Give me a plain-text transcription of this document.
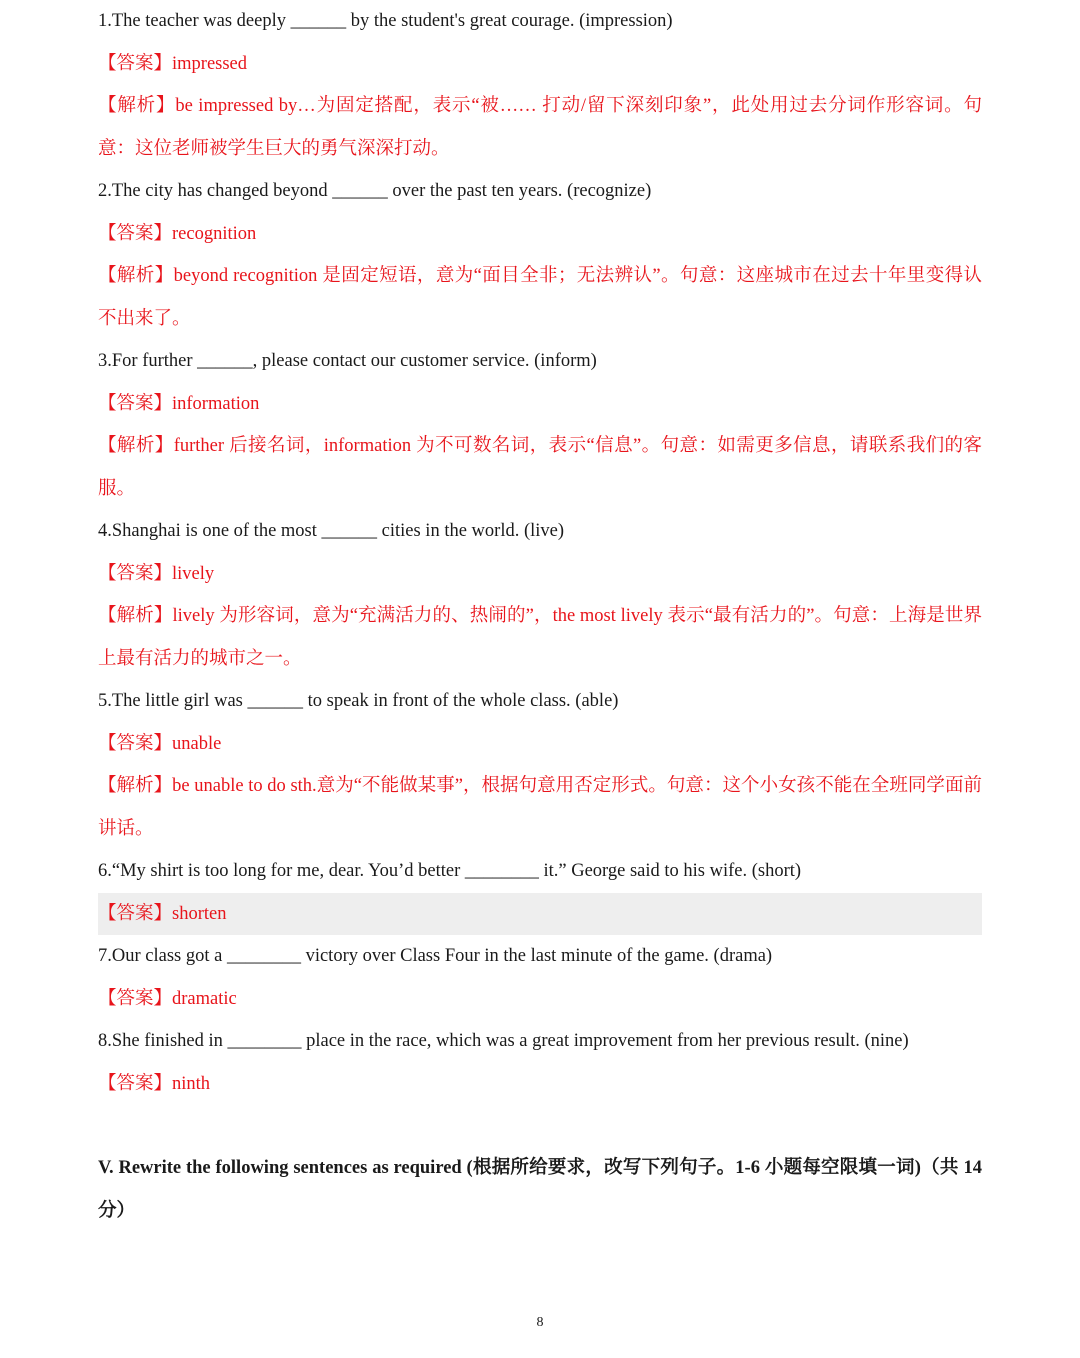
1.The teacher was deeply ______ by the student's great courage. (impression)

【答案】impressed

【解析】be impressed by…为固定搭配，表示“被…… 打动/留下深刻印象”，此处用过去分词作形容词。句意：这位老师被学生巨大的勇气深深打动。

2.The city has changed beyond ______ over the past ten years. (recognize)

【答案】recognition

【解析】beyond recognition 是固定短语，意为“面目全非；无法辨认”。句意：这座城市在过去十年里变得认不出来了。

3.For further ______, please contact our customer service. (inform)

【答案】information

【解析】further 后接名词，information 为不可数名词，表示“信息”。句意：如需更多信息，请联系我们的客服。

4.Shanghai is one of the most ______ cities in the world. (live)

【答案】lively

【解析】lively 为形容词，意为“充满活力的、热闹的”，the most lively 表示“最有活力的”。句意：上海是世界上最有活力的城市之一。

5.The little girl was ______ to speak in front of the whole class. (able)

【答案】unable

【解析】be unable to do sth.意为“不能做某事”，根据句意用否定形式。句意：这个小女孩不能在全班同学面前讲话。

6.“My shirt is too long for me, dear. You’d better ________ it.” George said to his wife. (short)

【答案】shorten

7.Our class got a ________ victory over Class Four in the last minute of the game. (drama)

【答案】dramatic

8.She finished in ________ place in the race, which was a great improvement from her previous result. (nine)

【答案】ninth

V. Rewrite the following sentences as required (根据所给要求，改写下列句子。1-6 小题每空限填一词)（共 14 分）

8
